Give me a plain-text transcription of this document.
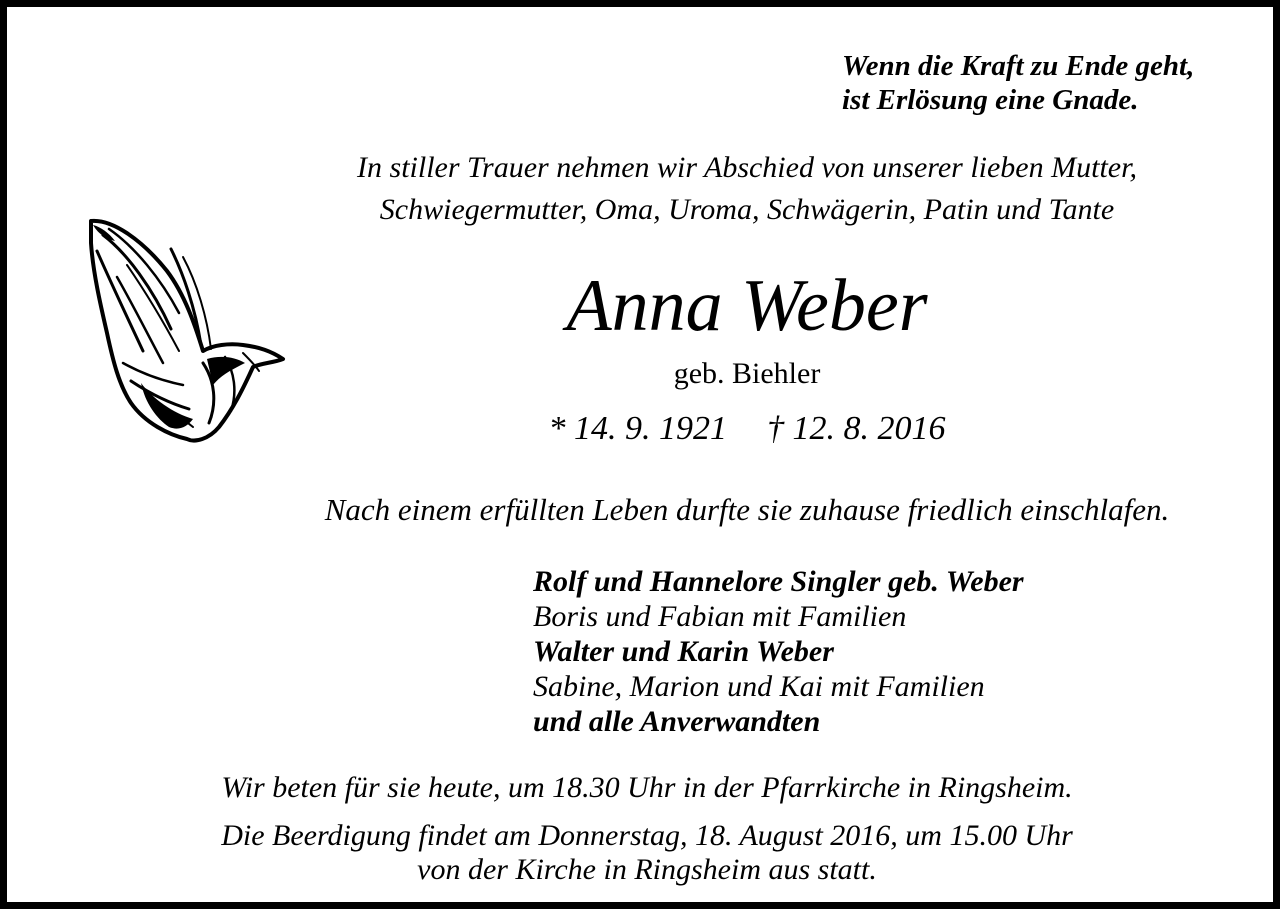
Wenn die Kraft zu Ende geht,
ist Erlösung eine Gnade.
In stiller Trauer nehmen wir Abschied von unserer lieben Mutter,
Schwiegermutter, Oma, Uroma, Schwägerin, Patin und Tante
Anna Weber
geb. Biehler
* 14. 9. 1921 † 12. 8. 2016
Nach einem erfüllten Leben durfte sie zuhause friedlich einschlafen.
Rolf und Hannelore Singler geb. Weber
Boris und Fabian mit Familien
Walter und Karin Weber
Sabine, Marion und Kai mit Familien
und alle Anverwandten
Wir beten für sie heute, um 18.30 Uhr in der Pfarrkirche in Ringsheim.
Die Beerdigung findet am Donnerstag, 18. August 2016, um 15.00 Uhr
von der Kirche in Ringsheim aus statt.
